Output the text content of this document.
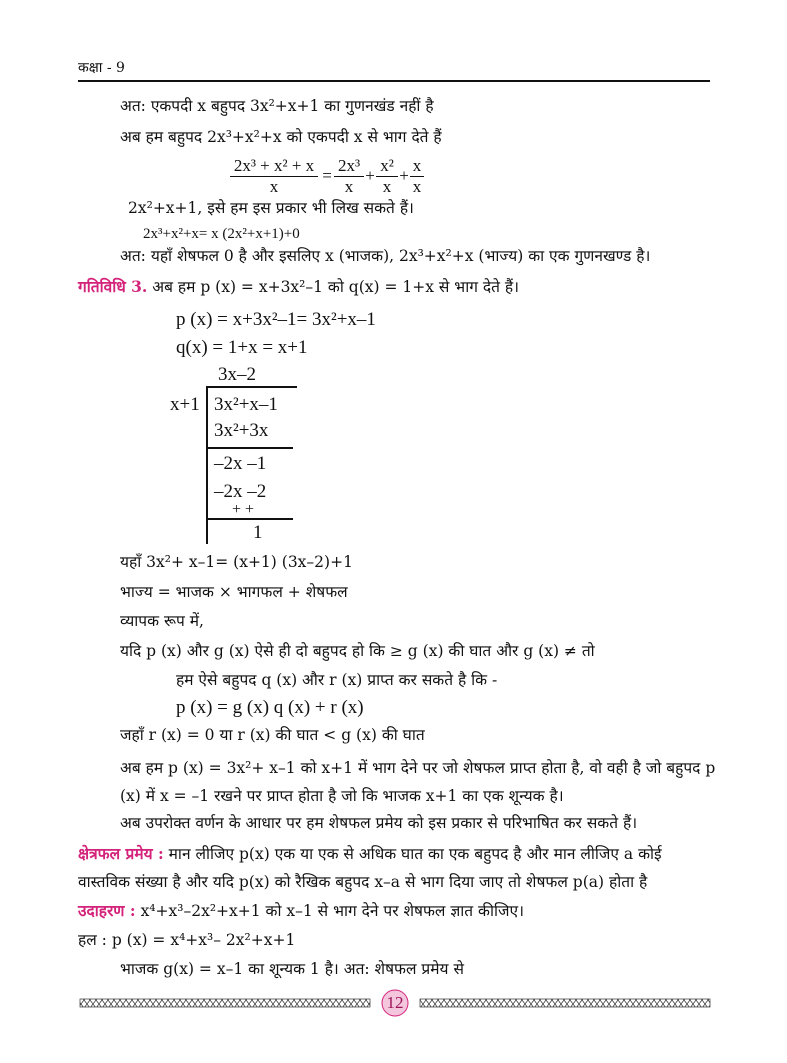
कक्षा - 9
अत: एकपदी x बहुपद 3x²+x+1 का गुणनखंड नहीं है
अब हम बहुपद 2x³+x²+x को एकपदी x से भाग देते हैं
$\frac{\text{2x³ + x² + x}}{x} = \frac{\text{2x³}}{x} + \frac{\text{x²}}{x} + \frac{x}{x}$
2x²+x+1, इसे हम इस प्रकार भी लिख सकते हैं।
2x³+x²+x= x (2x²+x+1)+0
अत: यहाँ शेषफल 0 है और इसलिए x (भाजक), 2x³+x²+x (भाज्य) का एक गुणनखण्ड है।
गतिविधि 3. अब हम p (x) = x+3x²–1 को q(x) = 1+x से भाग देते हैं।
p (x) = x+3x²–1= 3x²+x–1
q(x) = 1+x = x+1
3x–2
x+1 3x²+x–1
3x²+3x
–2x –1
–2x –2
+ +
1
यहाँ 3x²+ x–1= (x+1) (3x–2)+1
भाज्य = भाजक × भागफल + शेषफल
व्यापक रूप में,
यदि p (x) और g (x) ऐसे ही दो बहुपद हो कि ≥ g (x) की घात और g (x) ≠ तो
हम ऐसे बहुपद q (x) और r (x) प्राप्त कर सकते है कि -
p (x) = g (x) q (x) + r (x)
जहाँ r (x) = 0 या r (x) की घात < g (x) की घात
अब हम p (x) = 3x²+ x–1 को x+1 में भाग देने पर जो शेषफल प्राप्त होता है, वो वही है जो बहुपद p
(x) में x = –1 रखने पर प्राप्त होता है जो कि भाजक x+1 का एक शून्यक है।
अब उपरोक्त वर्णन के आधार पर हम शेषफल प्रमेय को इस प्रकार से परिभाषित कर सकते हैं।
क्षेत्रफल प्रमेय : मान लीजिए p(x) एक या एक से अधिक घात का एक बहुपद है और मान लीजिए a कोई
वास्तविक संख्या है और यदि p(x) को रैखिक बहुपद x–a से भाग दिया जाए तो शेषफल p(a) होता है
उदाहरण : x⁴+x³–2x²+x+1 को x–1 से भाग देने पर शेषफल ज्ञात कीजिए।
हल : p (x) = x⁴+x³– 2x²+x+1
भाजक g(x) = x–1 का शून्यक 1 है। अत: शेषफल प्रमेय से
12
